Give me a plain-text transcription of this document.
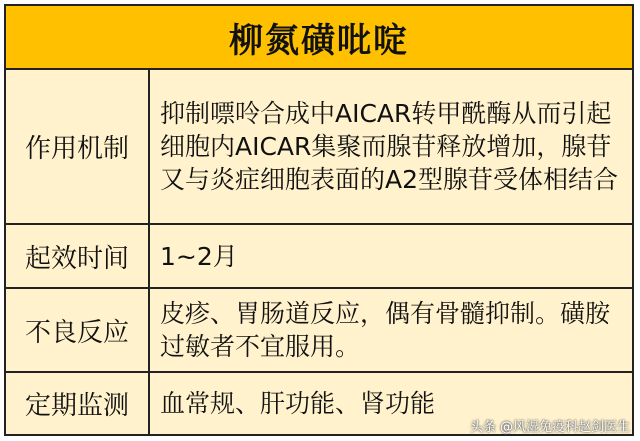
柳氮磺吡啶
作用机制
抑制嘌呤合成中AICAR转甲酰酶从而引起细胞内AICAR集聚而腺苷释放增加，腺苷又与炎症细胞表面的A2型腺苷受体相结合
起效时间	1~2月
不良反应
皮疹、胃肠道反应，偶有骨髓抑制。磺胺过敏者不宜服用。
定期监测	血常规、肝功能、肾功能
头条 @风湿免疫科赵剑医生
